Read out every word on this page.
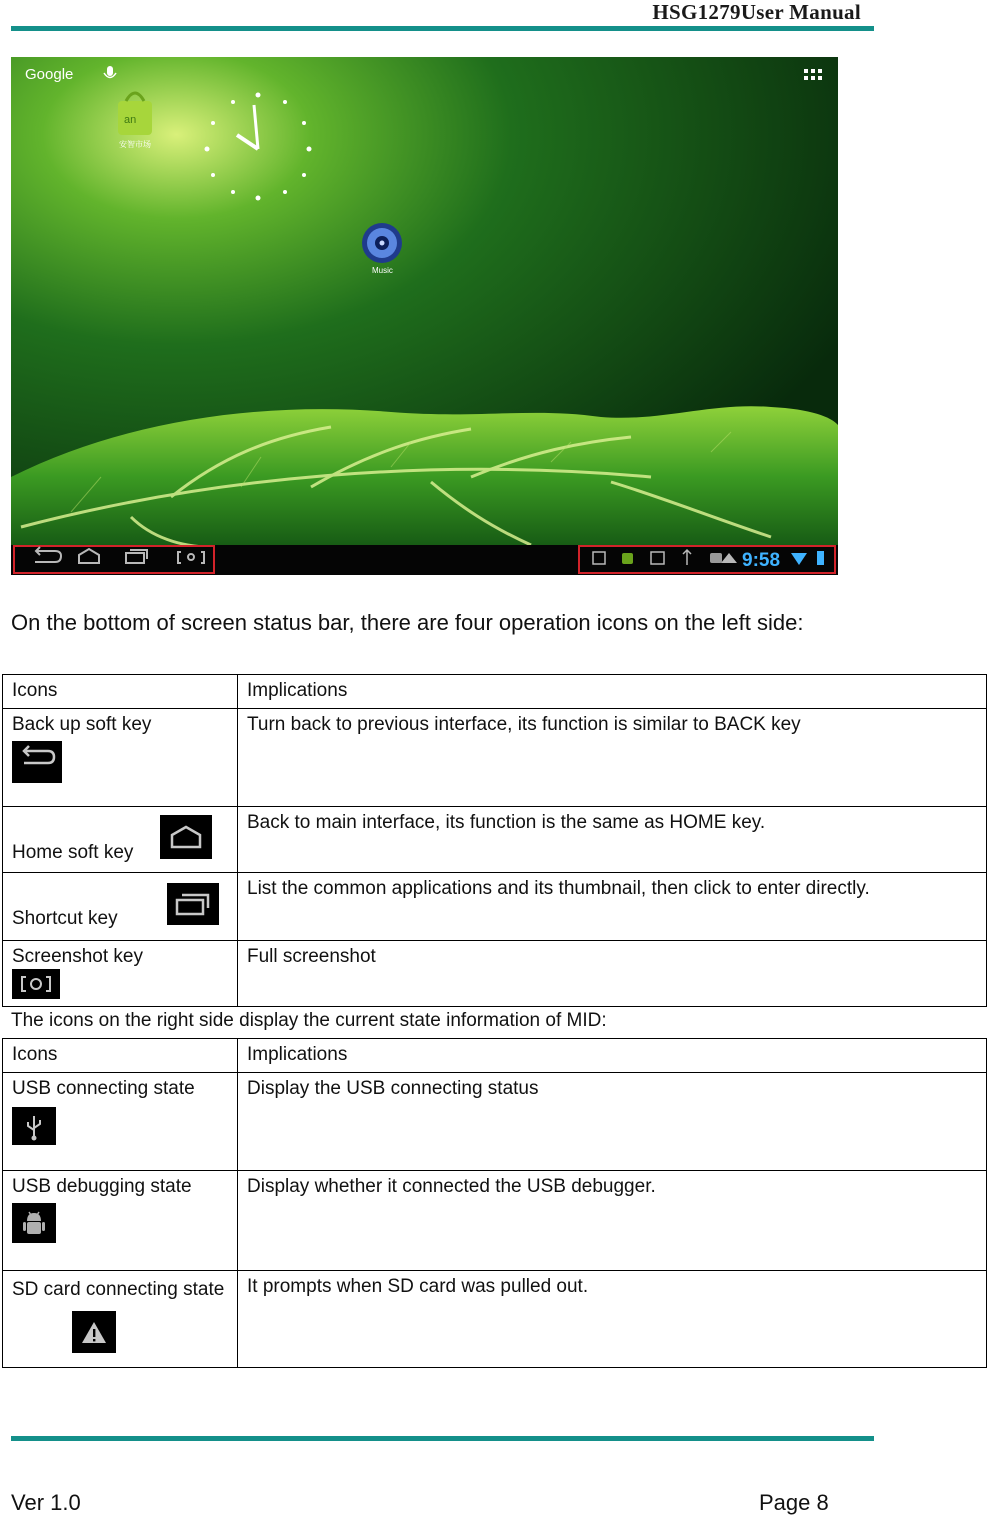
HSG1279User Manual
Google
an
安智市场
Music
9:58
On the bottom of screen status bar, there are four operation icons on the left side:
Icons	Implications

Back up soft key	Turn back to previous interface, its function is similar to BACK key

Home soft key	Back to main interface, its function is the same as HOME key.

Shortcut key	List the common applications and its thumbnail, then click to enter directly.

Screenshot key	Full screenshot
The icons on the right side display the current state information of MID:
Icons	Implications

USB connecting state	Display the USB connecting status

USB debugging state	Display whether it connected the USB debugger.

SD card connecting state	It prompts when SD card was pulled out.
Ver 1.0	Page 8
